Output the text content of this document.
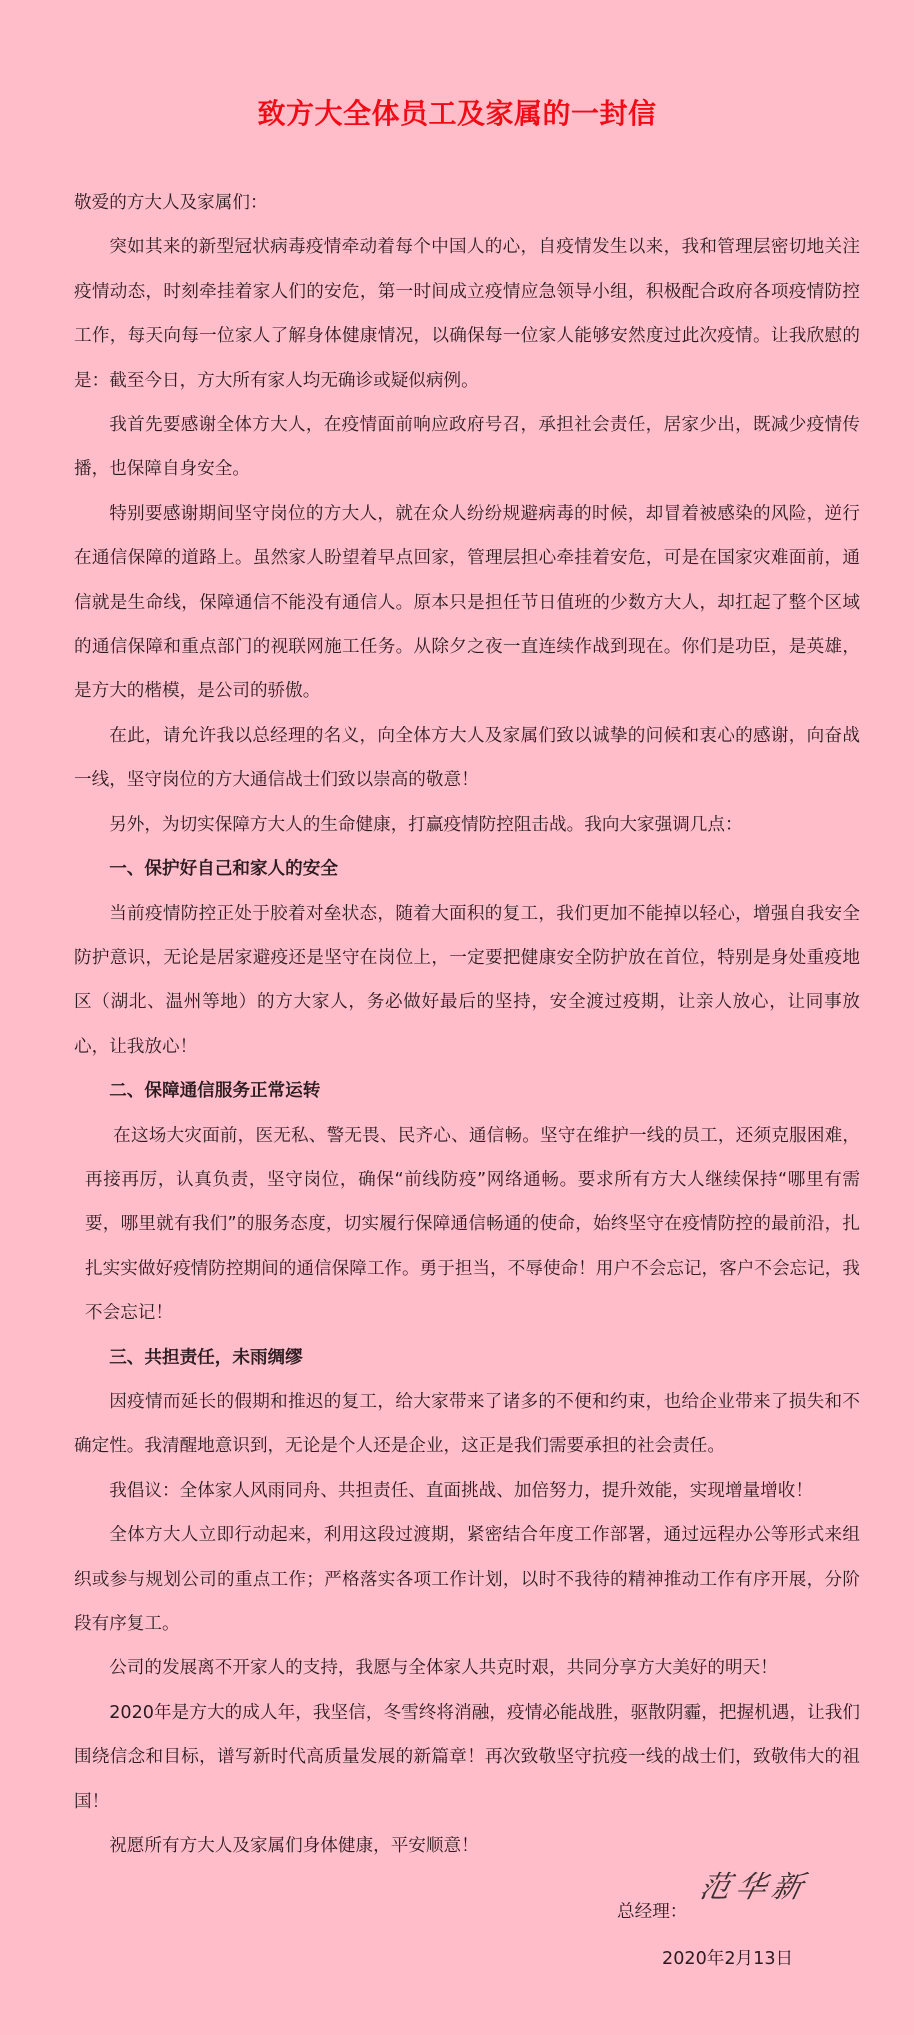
致方大全体员工及家属的一封信

敬爱的方大人及家属们：

突如其来的新型冠状病毒疫情牵动着每个中国人的心，自疫情发生以来，我和管理层密切地关注疫情动态，时刻牵挂着家人们的安危，第一时间成立疫情应急领导小组，积极配合政府各项疫情防控工作，每天向每一位家人了解身体健康情况，以确保每一位家人能够安然度过此次疫情。让我欣慰的是：截至今日，方大所有家人均无确诊或疑似病例。

我首先要感谢全体方大人，在疫情面前响应政府号召，承担社会责任，居家少出，既减少疫情传播，也保障自身安全。

特别要感谢期间坚守岗位的方大人，就在众人纷纷规避病毒的时候，却冒着被感染的风险，逆行在通信保障的道路上。虽然家人盼望着早点回家，管理层担心牵挂着安危，可是在国家灾难面前，通信就是生命线，保障通信不能没有通信人。原本只是担任节日值班的少数方大人，却扛起了整个区域的通信保障和重点部门的视联网施工任务。从除夕之夜一直连续作战到现在。你们是功臣，是英雄，是方大的楷模，是公司的骄傲。

在此，请允许我以总经理的名义，向全体方大人及家属们致以诚挚的问候和衷心的感谢，向奋战一线，坚守岗位的方大通信战士们致以崇高的敬意！

另外，为切实保障方大人的生命健康，打赢疫情防控阻击战。我向大家强调几点：

一、保护好自己和家人的安全

当前疫情防控正处于胶着对垒状态，随着大面积的复工，我们更加不能掉以轻心，增强自我安全防护意识，无论是居家避疫还是坚守在岗位上，一定要把健康安全防护放在首位，特别是身处重疫地区（湖北、温州等地）的方大家人，务必做好最后的坚持，安全渡过疫期，让亲人放心，让同事放心，让我放心！

二、保障通信服务正常运转

在这场大灾面前，医无私、警无畏、民齐心、通信畅。坚守在维护一线的员工，还须克服困难，再接再厉，认真负责，坚守岗位，确保“前线防疫”网络通畅。要求所有方大人继续保持“哪里有需要，哪里就有我们”的服务态度，切实履行保障通信畅通的使命，始终坚守在疫情防控的最前沿，扎扎实实做好疫情防控期间的通信保障工作。勇于担当，不辱使命！用户不会忘记，客户不会忘记，我不会忘记！

三、共担责任，未雨绸缪

因疫情而延长的假期和推迟的复工，给大家带来了诸多的不便和约束，也给企业带来了损失和不确定性。我清醒地意识到，无论是个人还是企业，这正是我们需要承担的社会责任。

我倡议：全体家人风雨同舟、共担责任、直面挑战、加倍努力，提升效能，实现增量增收！

全体方大人立即行动起来，利用这段过渡期，紧密结合年度工作部署，通过远程办公等形式来组织或参与规划公司的重点工作；严格落实各项工作计划，以时不我待的精神推动工作有序开展，分阶段有序复工。

公司的发展离不开家人的支持，我愿与全体家人共克时艰，共同分享方大美好的明天！

2020年是方大的成人年，我坚信，冬雪终将消融，疫情必能战胜，驱散阴霾，把握机遇，让我们围绕信念和目标，谱写新时代高质量发展的新篇章！再次致敬坚守抗疫一线的战士们，致敬伟大的祖国！

祝愿所有方大人及家属们身体健康，平安顺意！

总经理：
范华新
2020年2月13日
